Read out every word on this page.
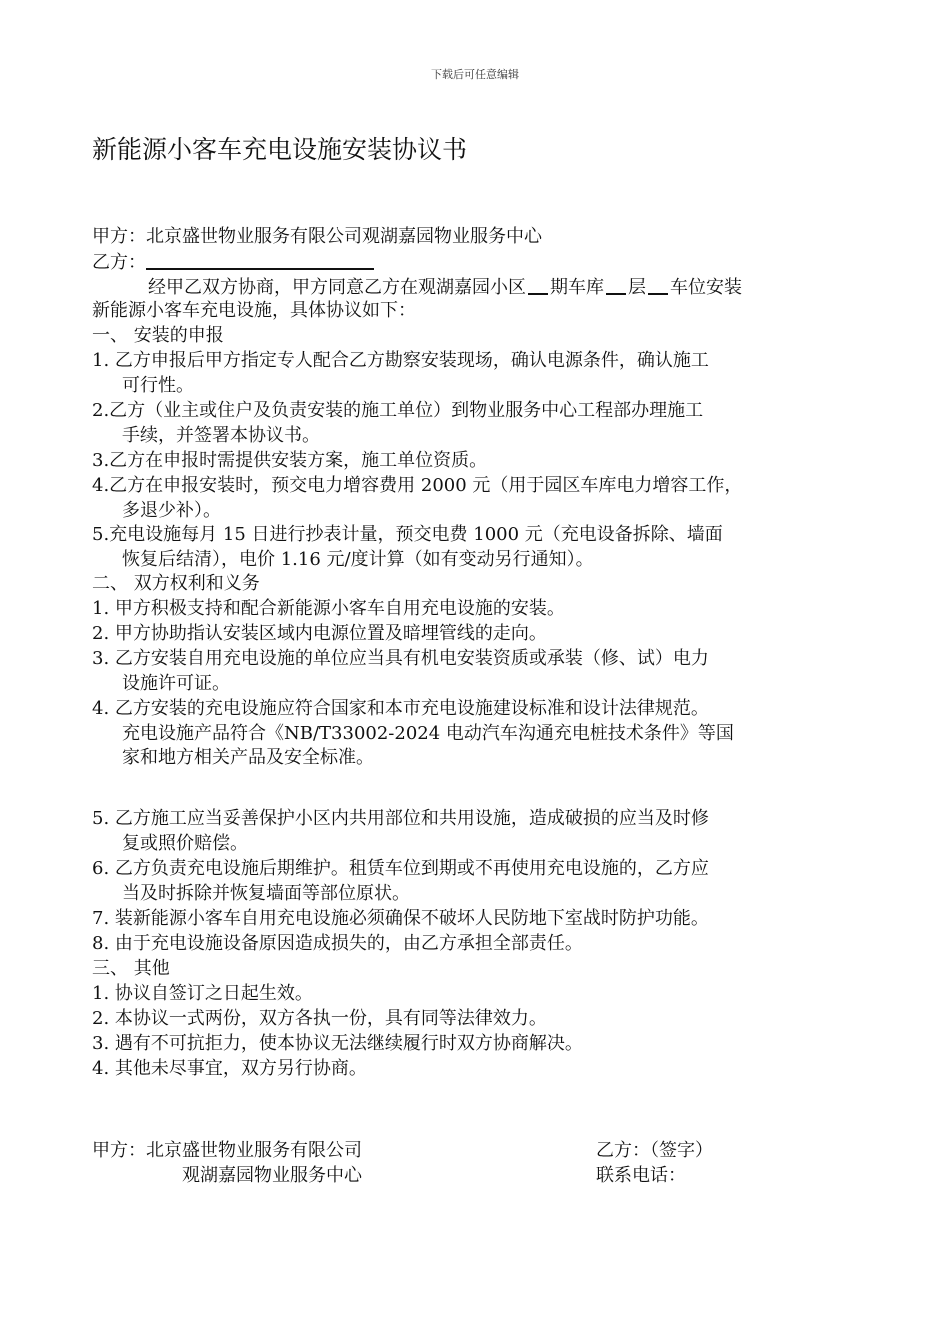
下载后可任意编辑
新能源小客车充电设施安装协议书
甲方：北京盛世物业服务有限公司观湖嘉园物业服务中心
乙方：
经甲乙双方协商，甲方同意乙方在观湖嘉园小区 期车库 层 车位安装
新能源小客车充电设施，具体协议如下：
一、 安装的申报
1. 乙方申报后甲方指定专人配合乙方勘察安装现场，确认电源条件，确认施工
可行性。
2.乙方（业主或住户及负责安装的施工单位）到物业服务中心工程部办理施工
手续，并签署本协议书。
3.乙方在申报时需提供安装方案，施工单位资质。
4.乙方在申报安装时，预交电力增容费用 2000 元（用于园区车库电力增容工作，
多退少补）。
5.充电设施每月 15 日进行抄表计量，预交电费 1000 元（充电设备拆除、墙面
恢复后结清），电价 1.16 元/度计算（如有变动另行通知）。
二、 双方权利和义务
1. 甲方积极支持和配合新能源小客车自用充电设施的安装。
2. 甲方协助指认安装区域内电源位置及暗埋管线的走向。
3. 乙方安装自用充电设施的单位应当具有机电安装资质或承装（修、试）电力
设施许可证。
4. 乙方安装的充电设施应符合国家和本市充电设施建设标准和设计法律规范。
充电设施产品符合《NB/T33002-2024 电动汽车沟通充电桩技术条件》等国
家和地方相关产品及安全标准。
5. 乙方施工应当妥善保护小区内共用部位和共用设施，造成破损的应当及时修
复或照价赔偿。
6. 乙方负责充电设施后期维护。租赁车位到期或不再使用充电设施的，乙方应
当及时拆除并恢复墙面等部位原状。
7. 装新能源小客车自用充电设施必须确保不破坏人民防地下室战时防护功能。
8. 由于充电设施设备原因造成损失的，由乙方承担全部责任。
三、 其他
1. 协议自签订之日起生效。
2. 本协议一式两份，双方各执一份，具有同等法律效力。
3. 遇有不可抗拒力，使本协议无法继续履行时双方协商解决。
4. 其他未尽事宜，双方另行协商。
甲方：北京盛世物业服务有限公司
观湖嘉园物业服务中心
乙方：（签字）
联系电话：
